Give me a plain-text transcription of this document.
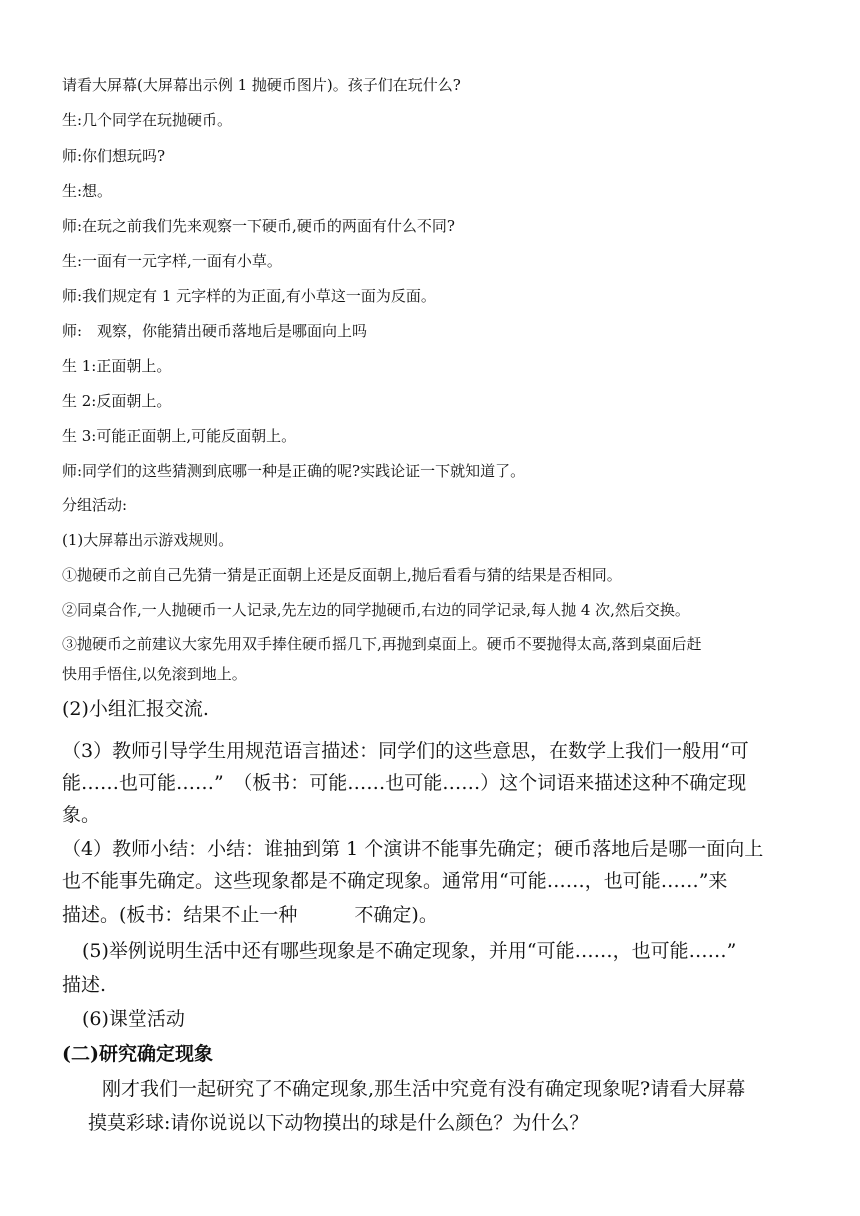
请看大屏幕(大屏幕出示例 1 抛硬币图片)。孩子们在玩什么?
生:几个同学在玩抛硬币。
师:你们想玩吗?
生:想。
师:在玩之前我们先来观察一下硬币,硬币的两面有什么不同?
生:一面有一元字样,一面有小草。
师:我们规定有 1 元字样的为正面,有小草这一面为反面。
师:　观察，你能猜出硬币落地后是哪面向上吗
生 1:正面朝上。
生 2:反面朝上。
生 3:可能正面朝上,可能反面朝上。
师:同学们的这些猜测到底哪一种是正确的呢?实践论证一下就知道了。
分组活动:
(1)大屏幕出示游戏规则。
①抛硬币之前自己先猜一猜是正面朝上还是反面朝上,抛后看看与猜的结果是否相同。
②同桌合作,一人抛硬币一人记录,先左边的同学抛硬币,右边的同学记录,每人抛 4 次,然后交换。
③抛硬币之前建议大家先用双手捧住硬币摇几下,再抛到桌面上。硬币不要抛得太高,落到桌面后赶
快用手悟住,以免滚到地上。
(2)小组汇报交流.
（3）教师引导学生用规范语言描述：同学们的这些意思，在数学上我们一般用“可
能……也可能……”　（板书：可能……也可能……）这个词语来描述这种不确定现
象。
（4）教师小结：小结：谁抽到第 1 个演讲不能事先确定；硬币落地后是哪一面向上
也不能事先确定。这些现象都是不确定现象。通常用“可能……，也可能……”来
描述。(板书：结果不止一种　　　不确定)。
(5)举例说明生活中还有哪些现象是不确定现象，并用“可能……，也可能……”
描述.
(6)课堂活动
(二)研究确定现象
刚才我们一起研究了不确定现象,那生活中究竟有没有确定现象呢?请看大屏幕
摸莫彩球:请你说说以下动物摸出的球是什么颜色？为什么？
